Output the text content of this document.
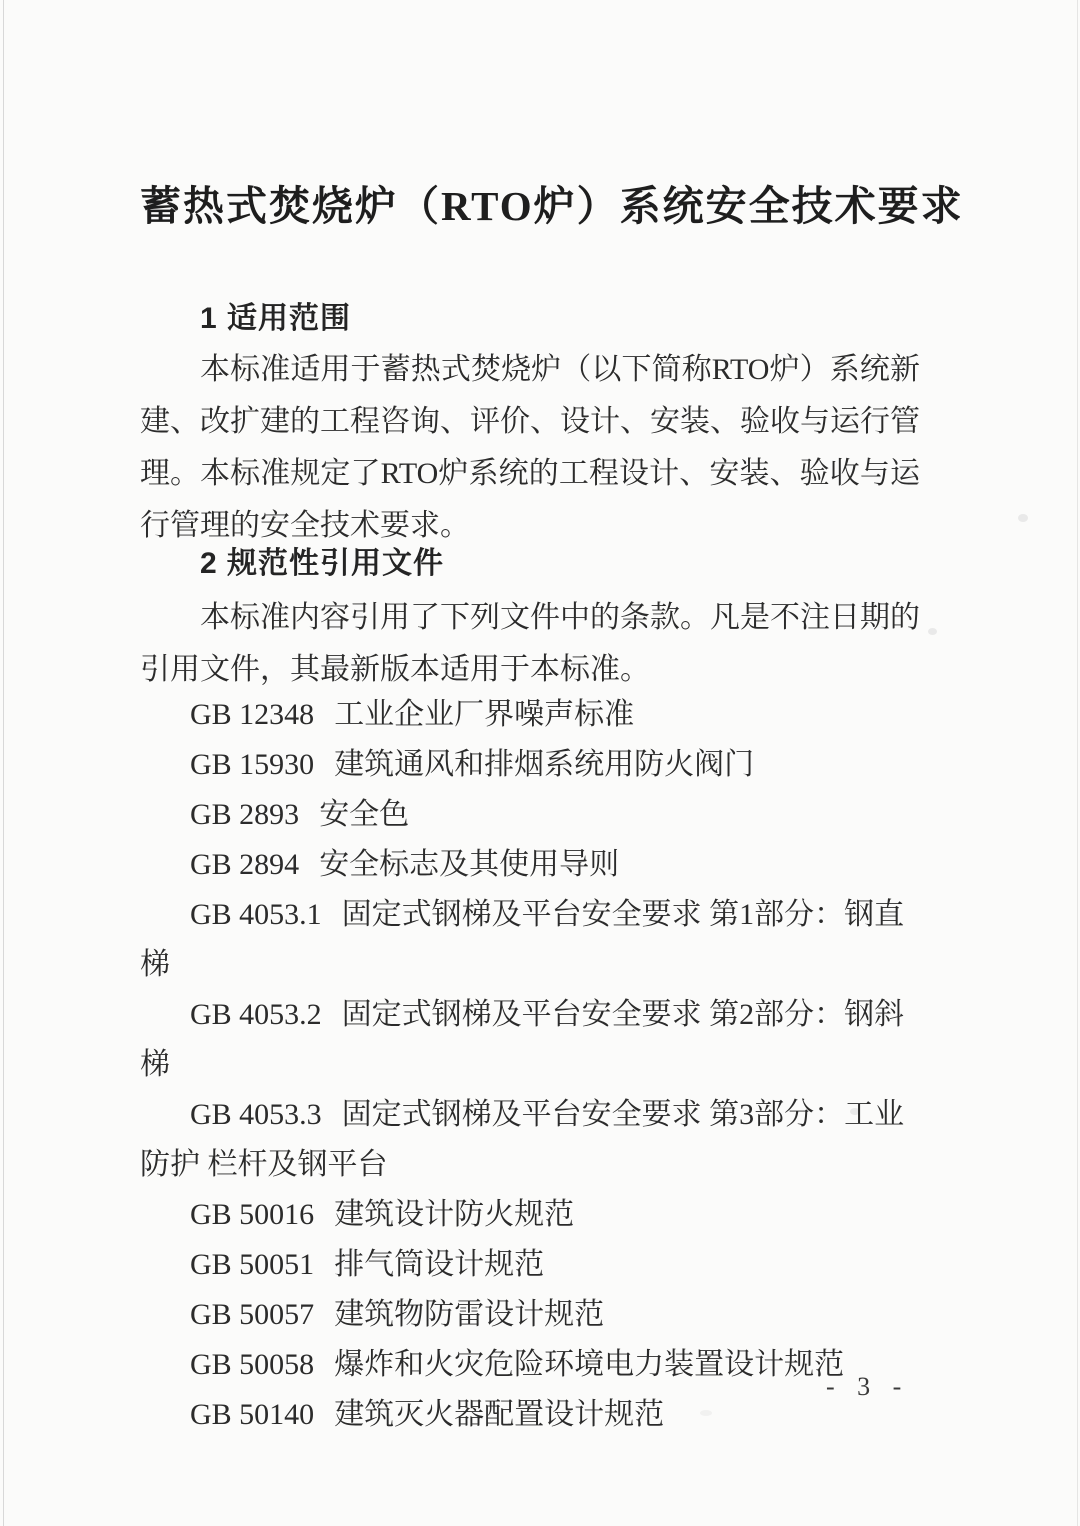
蓄热式焚烧炉（RTO炉）系统安全技术要求
1 适用范围

本标准适用于蓄热式焚烧炉（以下简称RTO炉）系统新建、改扩建的工程咨询、评价、设计、安装、验收与运行管理。 本标准规定了RTO炉系统的工程设计、安装、验收与运行管理的安全技术要求。

2 规范性引用文件

本标准内容引用了下列文件中的条款。凡是不注日期的引用文件，其最新版本适用于本标准。

GB 12348 工业企业厂界噪声标准
GB 15930 建筑通风和排烟系统用防火阀门
GB 2893 安全色
GB 2894 安全标志及其使用导则
GB 4053.1 固定式钢梯及平台安全要求 第1部分：钢直梯
GB 4053.2 固定式钢梯及平台安全要求 第2部分：钢斜梯
GB 4053.3 固定式钢梯及平台安全要求 第3部分：工业防护 栏杆及钢平台
GB 50016 建筑设计防火规范
GB 50051 排气筒设计规范
GB 50057 建筑物防雷设计规范
GB 50058 爆炸和火灾危险环境电力装置设计规范
GB 50140 建筑灭火器配置设计规范
- 3 -
